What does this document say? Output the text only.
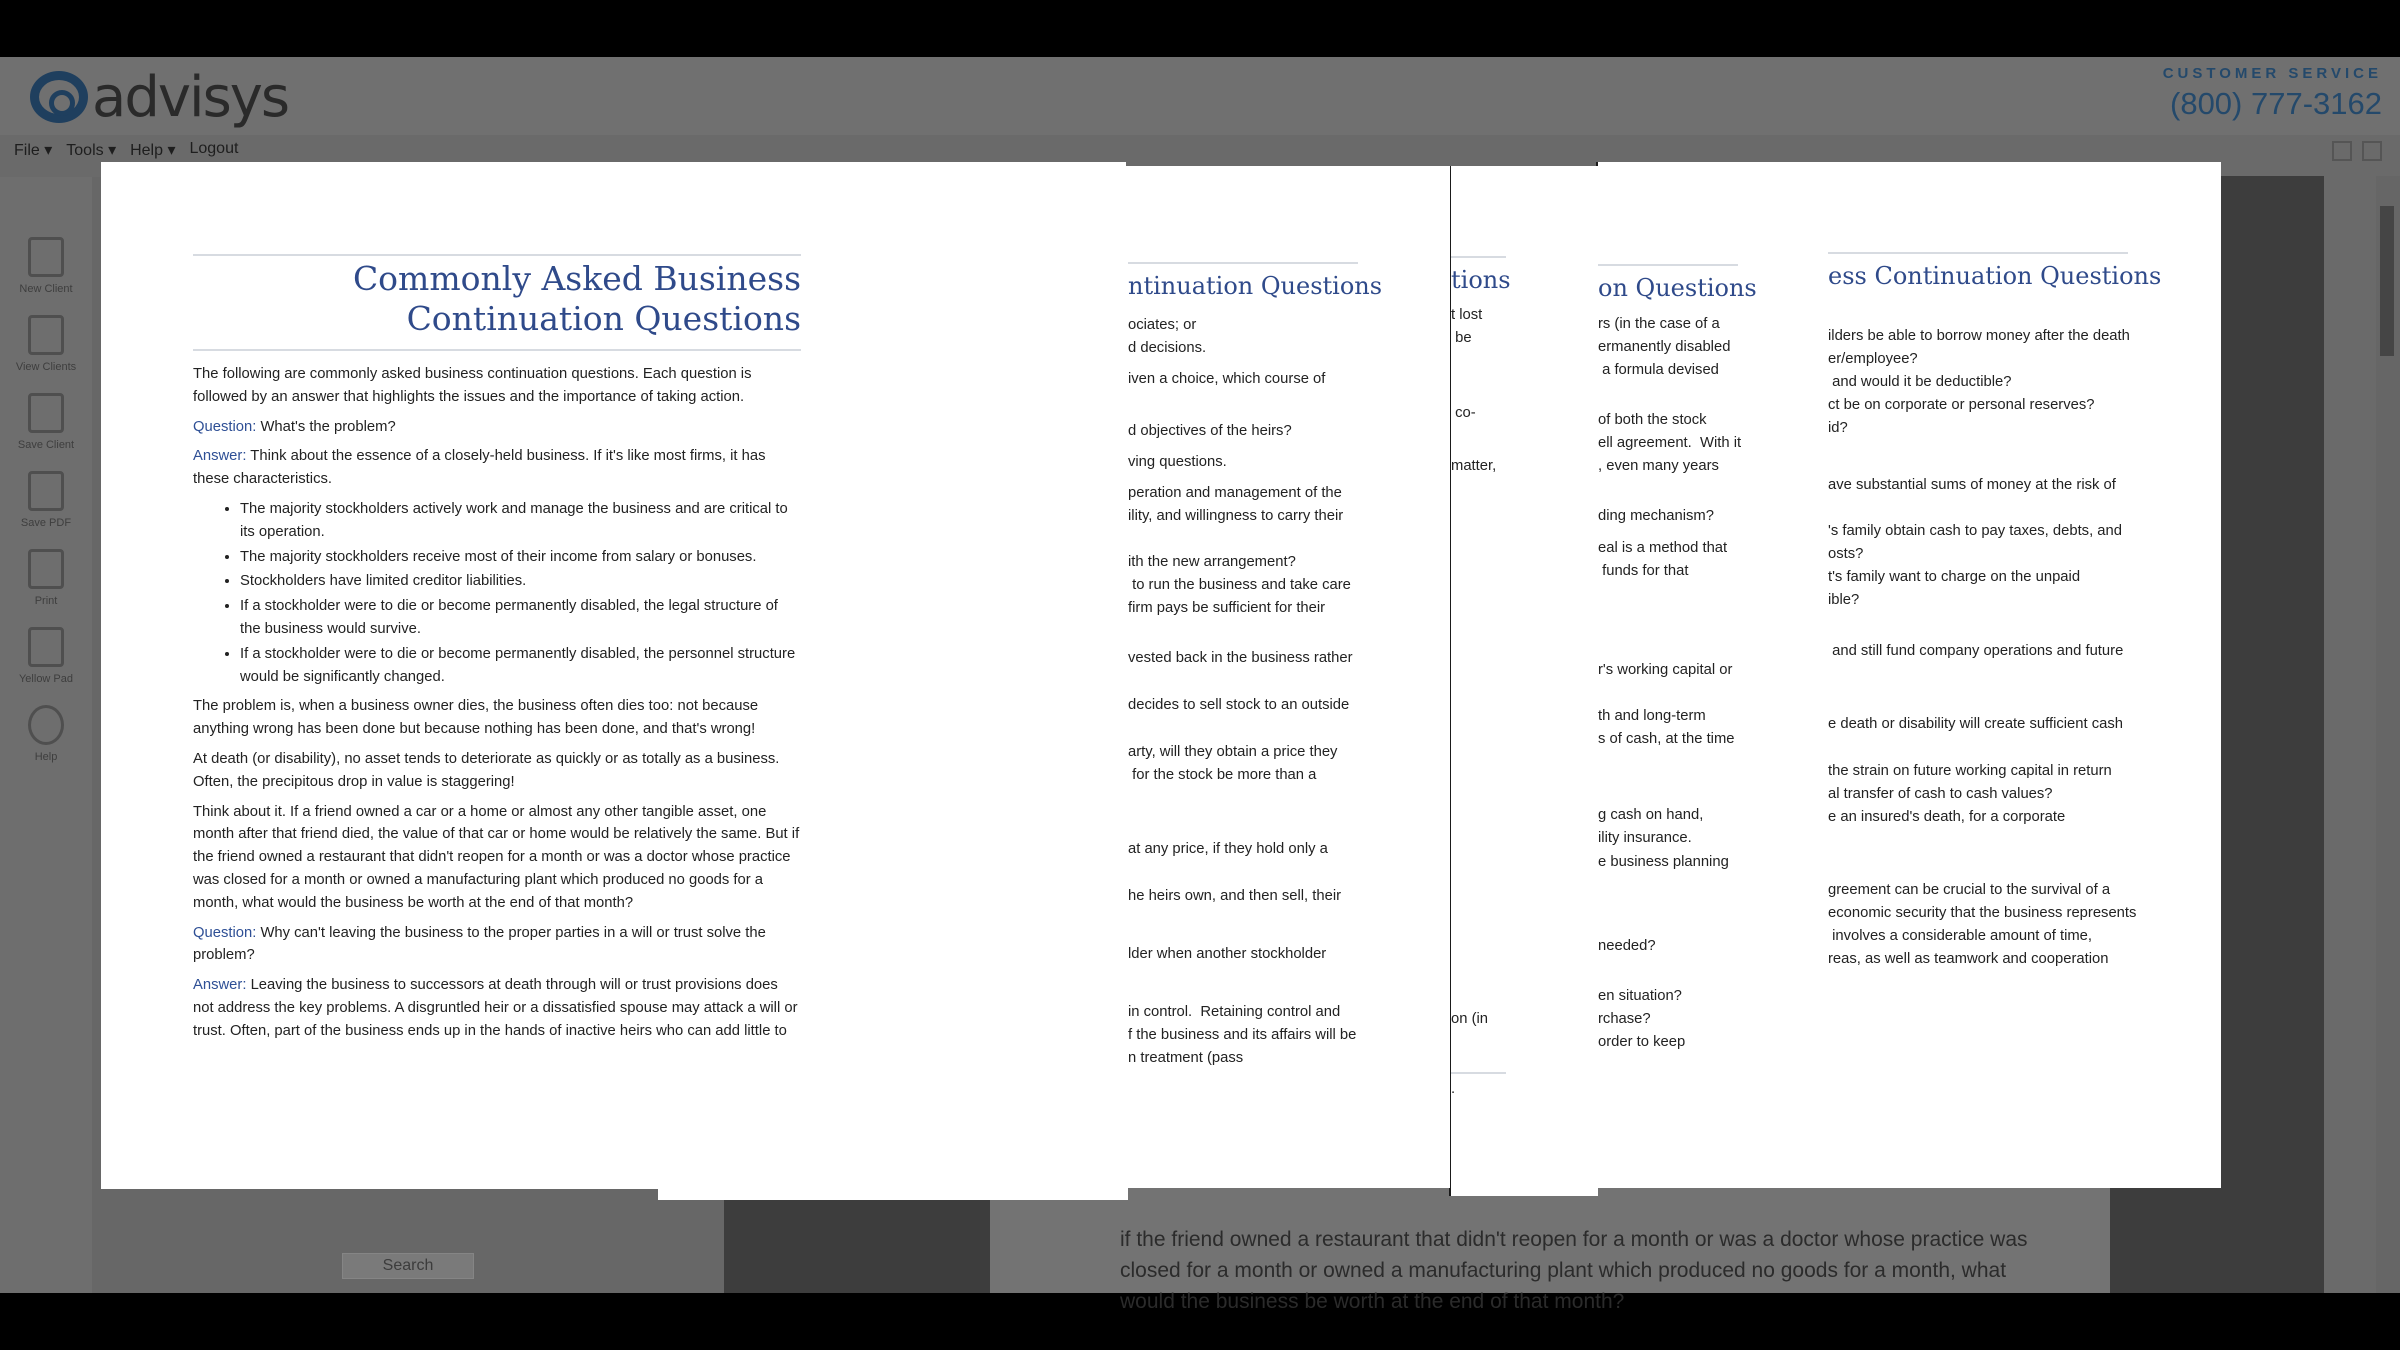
advisys	CUSTOMER SERVICE
(800) 777-3162
File ▾ Tools ▾ Help ▾ Logout
New Client
View Clients
Save Client
Save PDF
Print
Yellow Pad
Help

if the friend owned a restaurant that didn't reopen for a month or was a doctor whose practice was closed for a month or owned a manufacturing plant which produced no goods for a month, what would the business be worth at the end of that month?

Search
on Questions
rs (in the case of a
ermanently disabled
a formula devised
of both the stock
ell agreement.  With it
, even many years
ding mechanism?
eal is a method that
funds for that
r's working capital or
th and long-term
s of cash, at the time
g cash on hand,
ility insurance.
e business planning
needed?
en situation?
rchase?
order to keep
ess Continuation Questions
ilders be able to borrow money after the death
er/employee?
and would it be deductible?
ct be on corporate or personal reserves?
id?
ave substantial sums of money at the risk of
's family obtain cash to pay taxes, debts, and
osts?
t's family want to charge on the unpaid
ible?
and still fund company operations and future
e death or disability will create sufficient cash
the strain on future working capital in return
al transfer of cash to cash values?
e an insured's death, for a corporate
greement can be crucial to the survival of a
economic security that the business represents
involves a considerable amount of time,
reas, as well as teamwork and cooperation
tions
t lost
be
co-
matter,
on (in
.
ntinuation Questions
ociates; or
d decisions.
iven a choice, which course of
d objectives of the heirs?
ving questions.
peration and management of the
ility, and willingness to carry their
ith the new arrangement?
to run the business and take care
firm pays be sufficient for their
vested back in the business rather
decides to sell stock to an outside
arty, will they obtain a price they
for the stock be more than a
at any price, if they hold only a
he heirs own, and then sell, their
lder when another stockholder
in control.  Retaining control and
f the business and its affairs will be
n treatment (pass
Commonly Asked Business
Continuation Questions

The following are commonly asked business continuation questions. Each question is followed by an answer that highlights the issues and the importance of taking action.

Question: What's the problem?

Answer: Think about the essence of a closely-held business. If it's like most firms, it has these characteristics.

• The majority stockholders actively work and manage the business and are critical to its operation.
• The majority stockholders receive most of their income from salary or bonuses.
• Stockholders have limited creditor liabilities.
• If a stockholder were to die or become permanently disabled, the legal structure of the business would survive.
• If a stockholder were to die or become permanently disabled, the personnel structure would be significantly changed.

The problem is, when a business owner dies, the business often dies too: not because anything wrong has been done but because nothing has been done, and that's wrong!

At death (or disability), no asset tends to deteriorate as quickly or as totally as a business. Often, the precipitous drop in value is staggering!

Think about it. If a friend owned a car or a home or almost any other tangible asset, one month after that friend died, the value of that car or home would be relatively the same. But if the friend owned a restaurant that didn't reopen for a month or was a doctor whose practice was closed for a month or owned a manufacturing plant which produced no goods for a month, what would the business be worth at the end of that month?

Question: Why can't leaving the business to the proper parties in a will or trust solve the problem?

Answer: Leaving the business to successors at death through will or trust provisions does not address the key problems. A disgruntled heir or a dissatisfied spouse may attack a will or trust. Often, part of the business ends up in the hands of inactive heirs who can add little to
